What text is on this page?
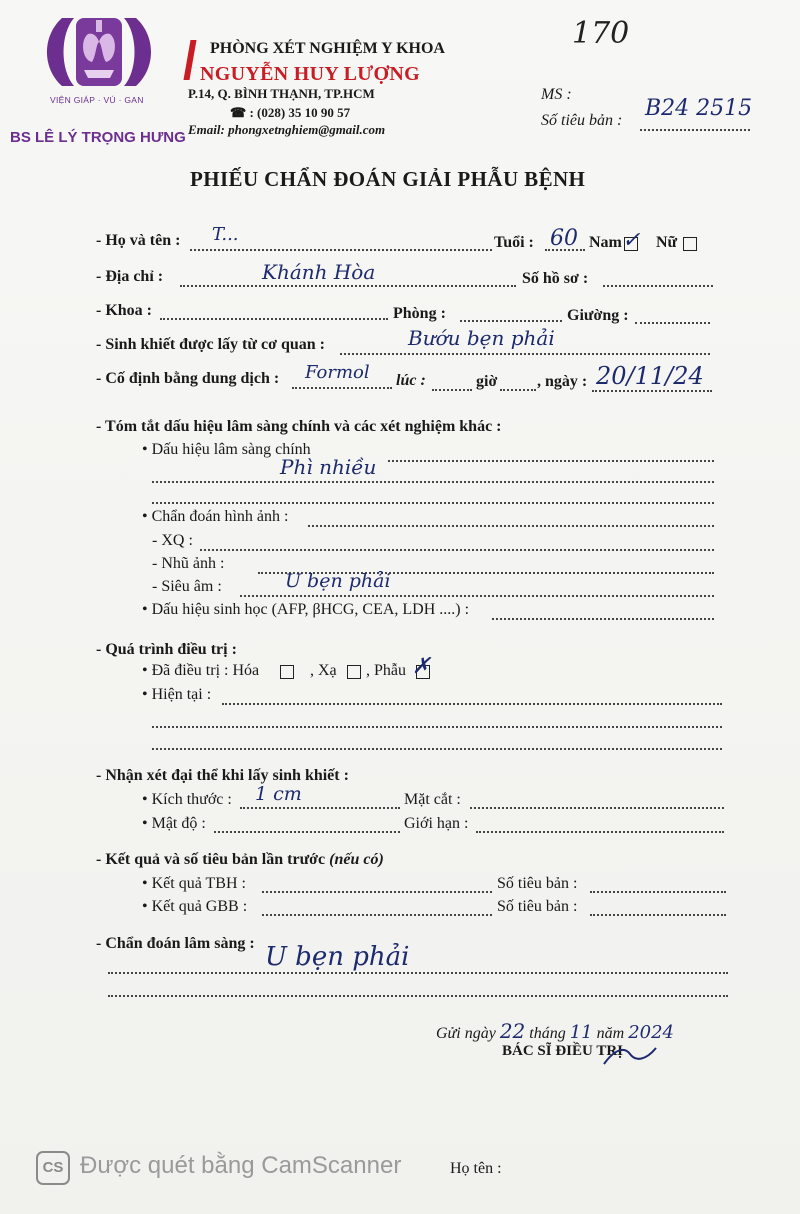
VIỆN GIÁP · VÚ · GAN
BS LÊ LÝ TRỌNG HƯNG
PHÒNG XÉT NGHIỆM Y KHOA
NGUYỄN HUY LƯỢNG
P.14, Q. BÌNH THẠNH, TP.HCM
☎ : (028) 35 10 90 57
Email: phongxetnghiem@gmail.com
170
MS :
Số tiêu bản : B24 2515
PHIẾU CHẨN ĐOÁN GIẢI PHẪU BỆNH
- Họ và tên : T...	Tuổi : 60 Nam ✓ Nữ
- Địa chỉ :	Khánh Hòa	Số hồ sơ :
- Khoa :	Phòng :	Giường :
- Sinh khiết được lấy từ cơ quan :	Bướu bẹn phải
- Cố định bằng dung dịch : Formol lúc :	giờ , ngày : 20/11/24
- Tóm tắt dấu hiệu lâm sàng chính và các xét nghiệm khác :
• Dấu hiệu lâm sàng chính
Phì nhiều
• Chẩn đoán hình ảnh :
- XQ :
- Nhũ ảnh :
- Siêu âm :	U bẹn phải
• Dấu hiệu sinh học (AFP, βHCG, CEA, LDH ....) :
- Quá trình điều trị :
• Đã điều trị : Hóa	, Xạ , Phẫu ✗
• Hiện tại :
- Nhận xét đại thể khi lấy sinh khiết :
• Kích thước : 1 cm	Mặt cắt :
• Mật độ :	Giới hạn :
- Kết quả và số tiêu bản lần trước (nếu có)
• Kết quả TBH :	Số tiêu bản :
• Kết quả GBB :	Số tiêu bản :
- Chẩn đoán lâm sàng : U bẹn phải
Gửi ngày 22 tháng 11 năm 2024
BÁC SĨ ĐIỀU TRỊ
Họ tên :
CS Được quét bằng CamScanner
